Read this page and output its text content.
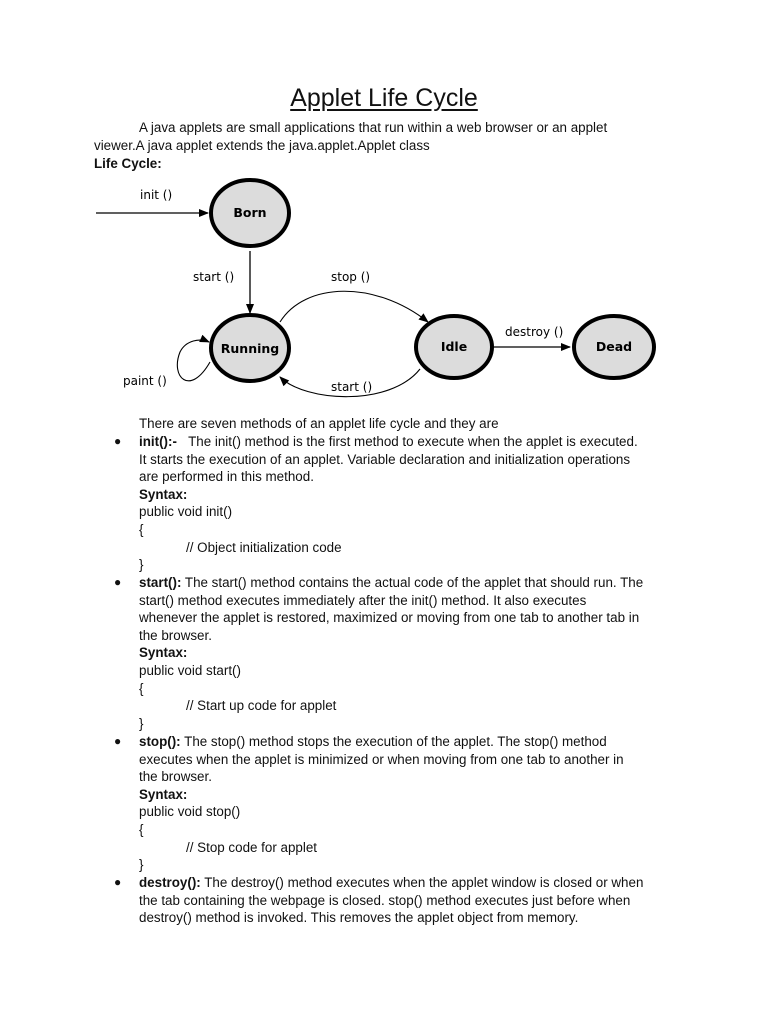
Applet Life Cycle
A java applets are small applications that run within a web browser or an applet
viewer.A java applet extends the java.applet.Applet class
Life Cycle:
Born
Running	Idle	Dead
init ()
start ()	stop ()
start ()
destroy ()
paint ()
There are seven methods of an applet life cycle and they are
● init():- The init() method is the first method to execute when the applet is executed.
It starts the execution of an applet. Variable declaration and initialization operations
are performed in this method.
Syntax:
public void init()
{
// Object initialization code
}
● start(): The start() method contains the actual code of the applet that should run. The
start() method executes immediately after the init() method. It also executes
whenever the applet is restored, maximized or moving from one tab to another tab in
the browser.
Syntax:
public void start()
{
// Start up code for applet
}
● stop(): The stop() method stops the execution of the applet. The stop() method
executes when the applet is minimized or when moving from one tab to another in
the browser.
Syntax:
public void stop()
{
// Stop code for applet
}
● destroy(): The destroy() method executes when the applet window is closed or when
the tab containing the webpage is closed. stop() method executes just before when
destroy() method is invoked. This removes the applet object from memory.
